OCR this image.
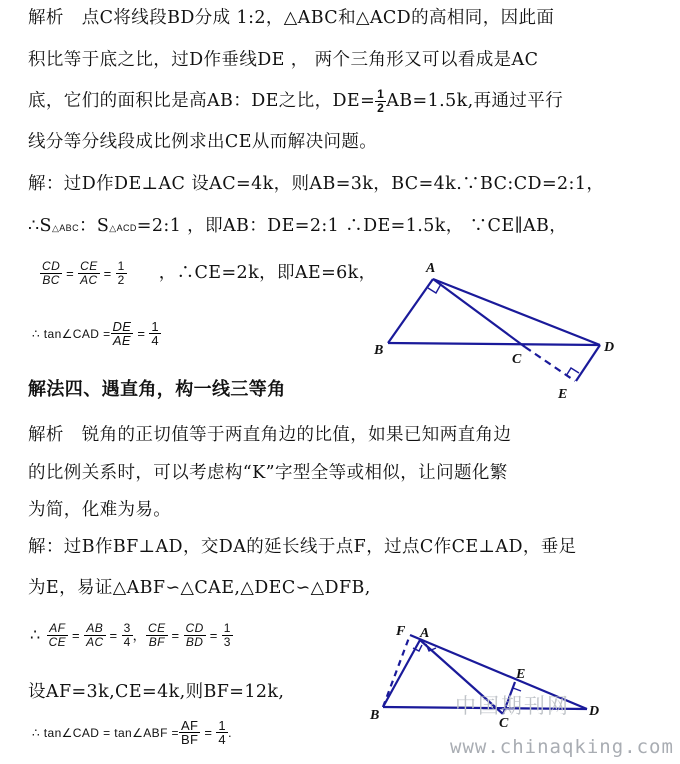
解析　点C将线段BD分成 1:2，△ABC和△ACD的高相同，因此面
积比等于底之比，过D作垂线DE ， 两个三角形又可以看成是AC
底，它们的面积比是高AB：DE之比，$DE= \frac{1}{2} AB=1.5k$,再通过平行
线分等分线段成比例求出CE从而解决问题。
解：过D作DE⊥AC 设AC=4k，则AB=3k，BC=4k.∵BC:CD=2:1，
∴S△ABC：S△ACD=2:1 ，即AB：DE=2:1 ∴DE=1.5k， ∵CE∥AB，
$\frac{CD}{BC} = \frac{CE}{AC} = \frac{1}{2}$ ，∴CE=2k，即AE=6k，
∴ tan∠CAD = $\frac{DE}{AE} = \frac{1}{4}$
A
B
C
D
E
解法四、遇直角，构一线三等角
解析　锐角的正切值等于两直角边的比值，如果已知两直角边
的比例关系时，可以考虑构“K”字型全等或相似，让问题化繁
为简，化难为易。
解：过B作BF⊥AD，交DA的延长线于点F，过点C作CE⊥AD，垂足
为E，易证△ABF∽△CAE,△DEC∽△DFB,
∴ $\frac{AF}{CE} = \frac{AB}{AC} = \frac{3}{4}$ ， $\frac{CE}{BF} = \frac{CD}{BD} = \frac{1}{3}$
设AF=3k,CE=4k,则BF=12k,
∴ tan∠CAD = tan∠ABF = $\frac{AF}{BF} = \frac{1}{4}$ .
F A
B
C
D
E
中国期刊网
www.chinaqking.com
